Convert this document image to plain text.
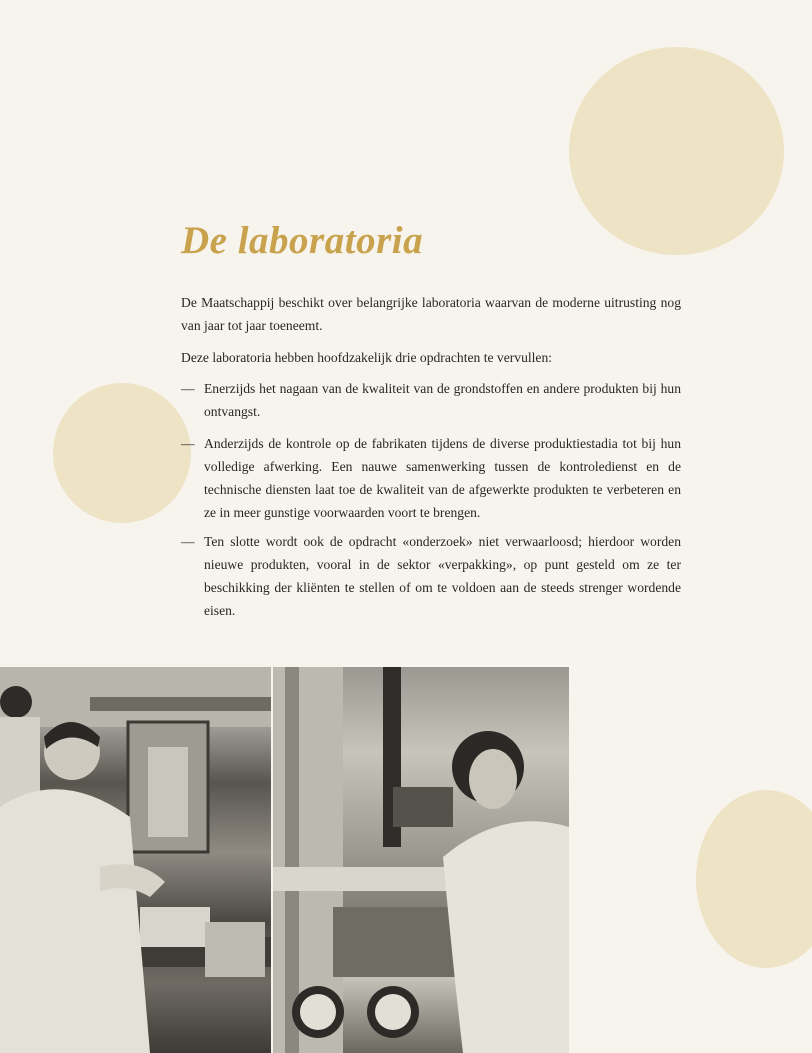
De laboratoria

De Maatschappij beschikt over belangrijke laboratoria waarvan de moderne uitrusting nog van jaar tot jaar toeneemt.

Deze laboratoria hebben hoofdzakelijk drie opdrachten te vervullen:

— Enerzijds het nagaan van de kwaliteit van de grondstoffen en andere produkten bij hun ontvangst.

— Anderzijds de kontrole op de fabrikaten tijdens de diverse produktiestadia tot bij hun volledige afwerking. Een nauwe samenwerking tussen de kontroledienst en de technische diensten laat toe de kwaliteit van de afgewerkte produkten te verbeteren en ze in meer gunstige voorwaarden voort te brengen.

— Ten slotte wordt ook de opdracht «onderzoek» niet verwaarloosd; hierdoor worden nieuwe produkten, vooral in de sektor «verpakking», op punt gesteld om ze ter beschikking der kliënten te stellen of om te voldoen aan de steeds strenger wordende eisen.
